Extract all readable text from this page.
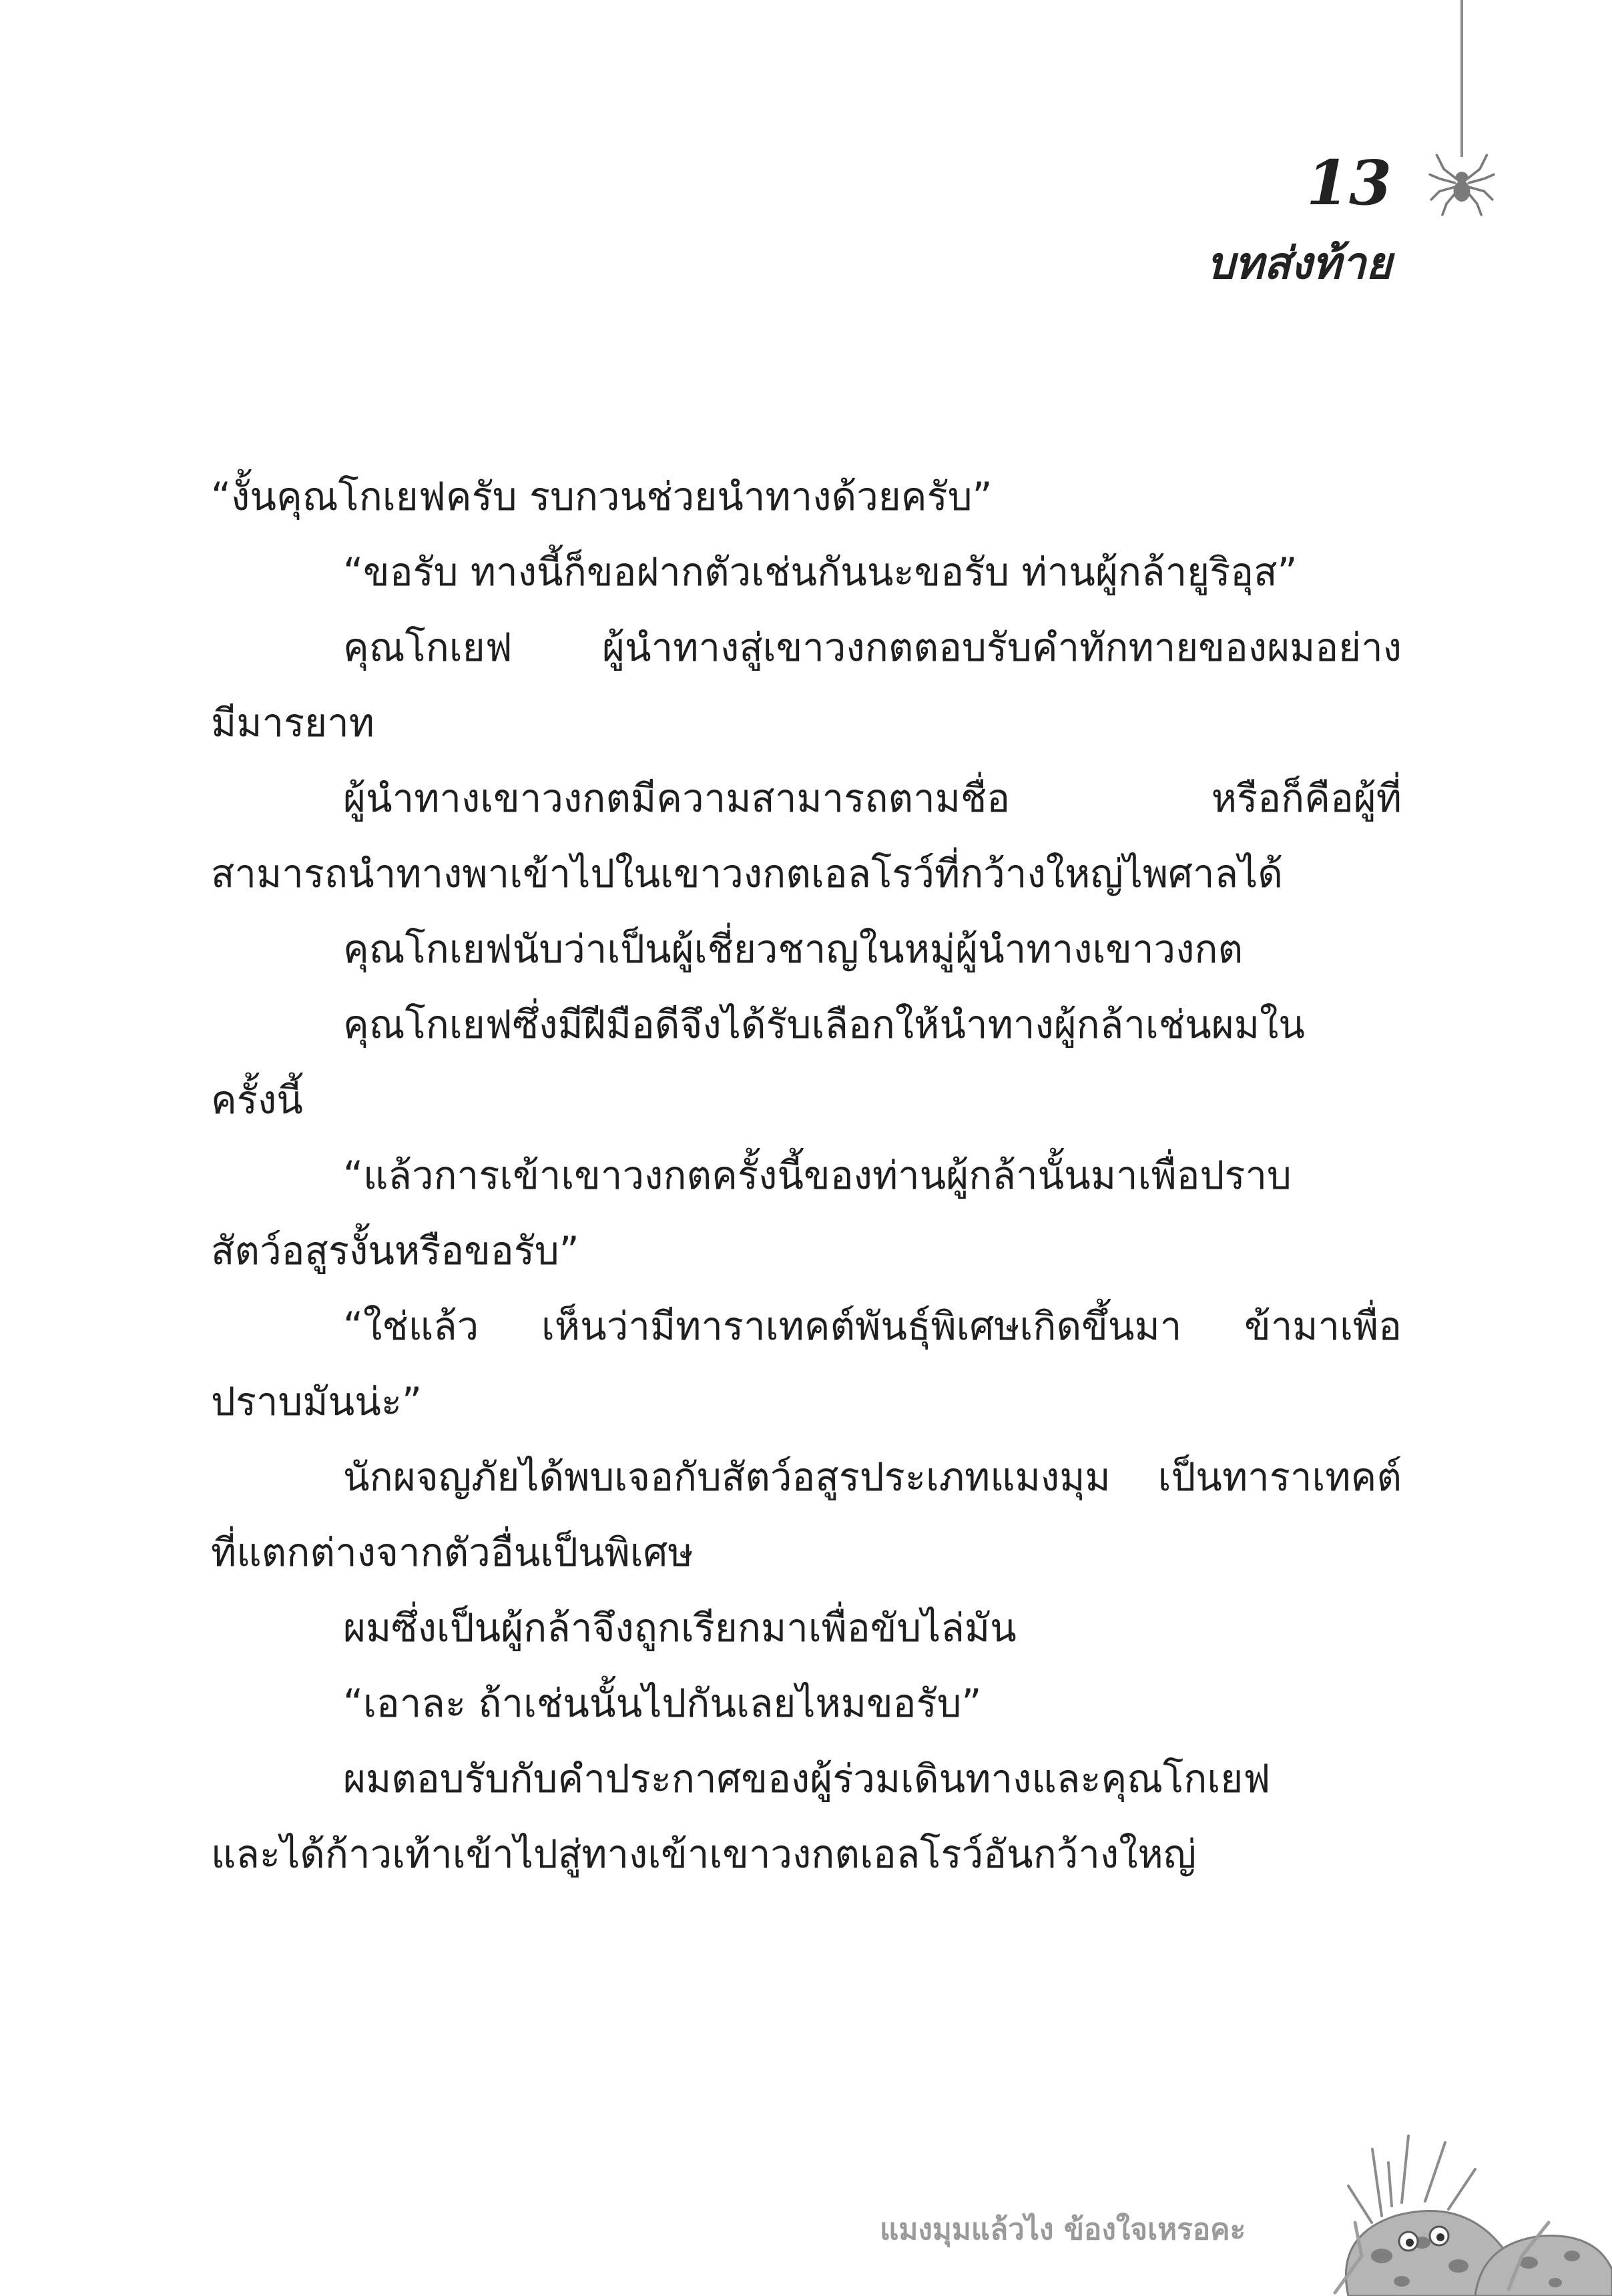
13
บทส่งท้าย
“งั้นคุณโกเยฟครับ รบกวนช่วยนำทางด้วยครับ”
“ขอรับ ทางนี้ก็ขอฝากตัวเช่นกันนะขอรับ ท่านผู้กล้ายูริอุส”
คุณโกเยฟ ผู้นำทางสู่เขาวงกตตอบรับคำทักทายของผมอย่าง
มีมารยาท
ผู้นำทางเขาวงกตมีความสามารถตามชื่อ หรือก็คือผู้ที่
สามารถนำทางพาเข้าไปในเขาวงกตเอลโรว์ที่กว้างใหญ่ไพศาลได้
คุณโกเยฟนับว่าเป็นผู้เชี่ยวชาญในหมู่ผู้นำทางเขาวงกต
คุณโกเยฟซึ่งมีฝีมือดีจึงได้รับเลือกให้นำทางผู้กล้าเช่นผมใน
ครั้งนี้
“แล้วการเข้าเขาวงกตครั้งนี้ของท่านผู้กล้านั้นมาเพื่อปราบ
สัตว์อสูรงั้นหรือขอรับ”
“ใช่แล้ว เห็นว่ามีทาราเทคต์พันธุ์พิเศษเกิดขึ้นมา ข้ามาเพื่อ
ปราบมันน่ะ”
นักผจญภัยได้พบเจอกับสัตว์อสูรประเภทแมงมุม เป็นทาราเทคต์
ที่แตกต่างจากตัวอื่นเป็นพิเศษ
ผมซึ่งเป็นผู้กล้าจึงถูกเรียกมาเพื่อขับไล่มัน
“เอาละ ถ้าเช่นนั้นไปกันเลยไหมขอรับ”
ผมตอบรับกับคำประกาศของผู้ร่วมเดินทางและคุณโกเยฟ
และได้ก้าวเท้าเข้าไปสู่ทางเข้าเขาวงกตเอลโรว์อันกว้างใหญ่
แมงมุมแล้วไง ข้องใจเหรอคะ
